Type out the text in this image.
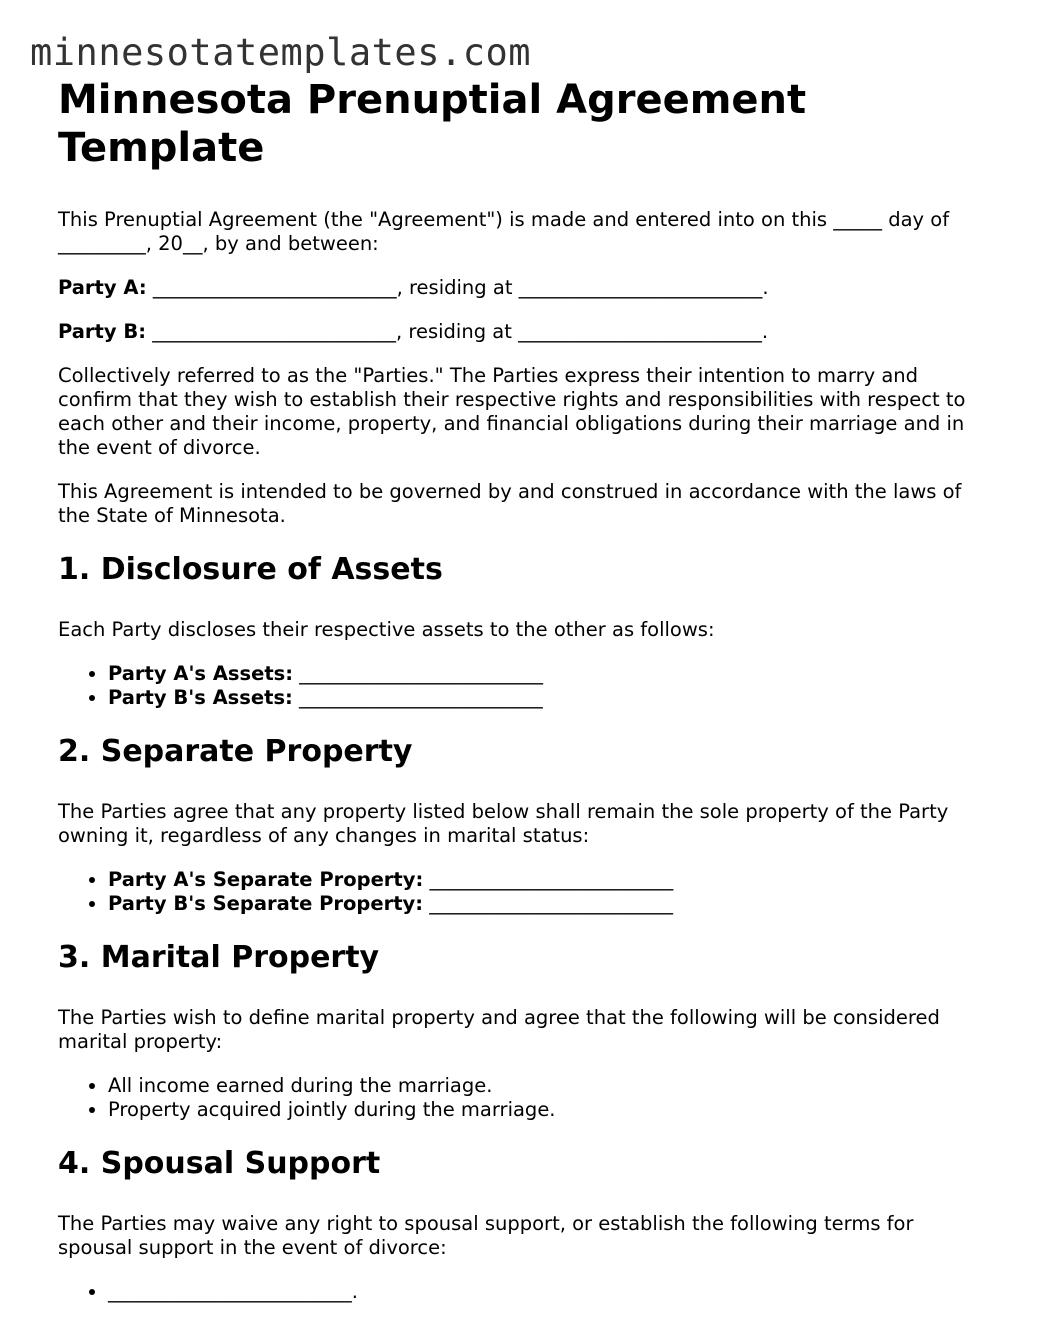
minnesotatemplates.com
Minnesota Prenuptial Agreement Template

This Prenuptial Agreement (the "Agreement") is made and entered into on this _____ day of _________, 20__, by and between:

Party A: _________________________, residing at _________________________.

Party B: _________________________, residing at _________________________.

Collectively referred to as the "Parties." The Parties express their intention to marry and confirm that they wish to establish their respective rights and responsibilities with respect to each other and their income, property, and financial obligations during their marriage and in the event of divorce.

This Agreement is intended to be governed by and construed in accordance with the laws of the State of Minnesota.

1. Disclosure of Assets

Each Party discloses their respective assets to the other as follows:

• Party A's Assets: _________________________
• Party B's Assets: _________________________
2. Separate Property

The Parties agree that any property listed below shall remain the sole property of the Party owning it, regardless of any changes in marital status:

• Party A's Separate Property: _________________________
• Party B's Separate Property: _________________________
3. Marital Property

The Parties wish to define marital property and agree that the following will be considered marital property:

• All income earned during the marriage.
• Property acquired jointly during the marriage.
4. Spousal Support

The Parties may waive any right to spousal support, or establish the following terms for spousal support in the event of divorce:

• _________________________.
